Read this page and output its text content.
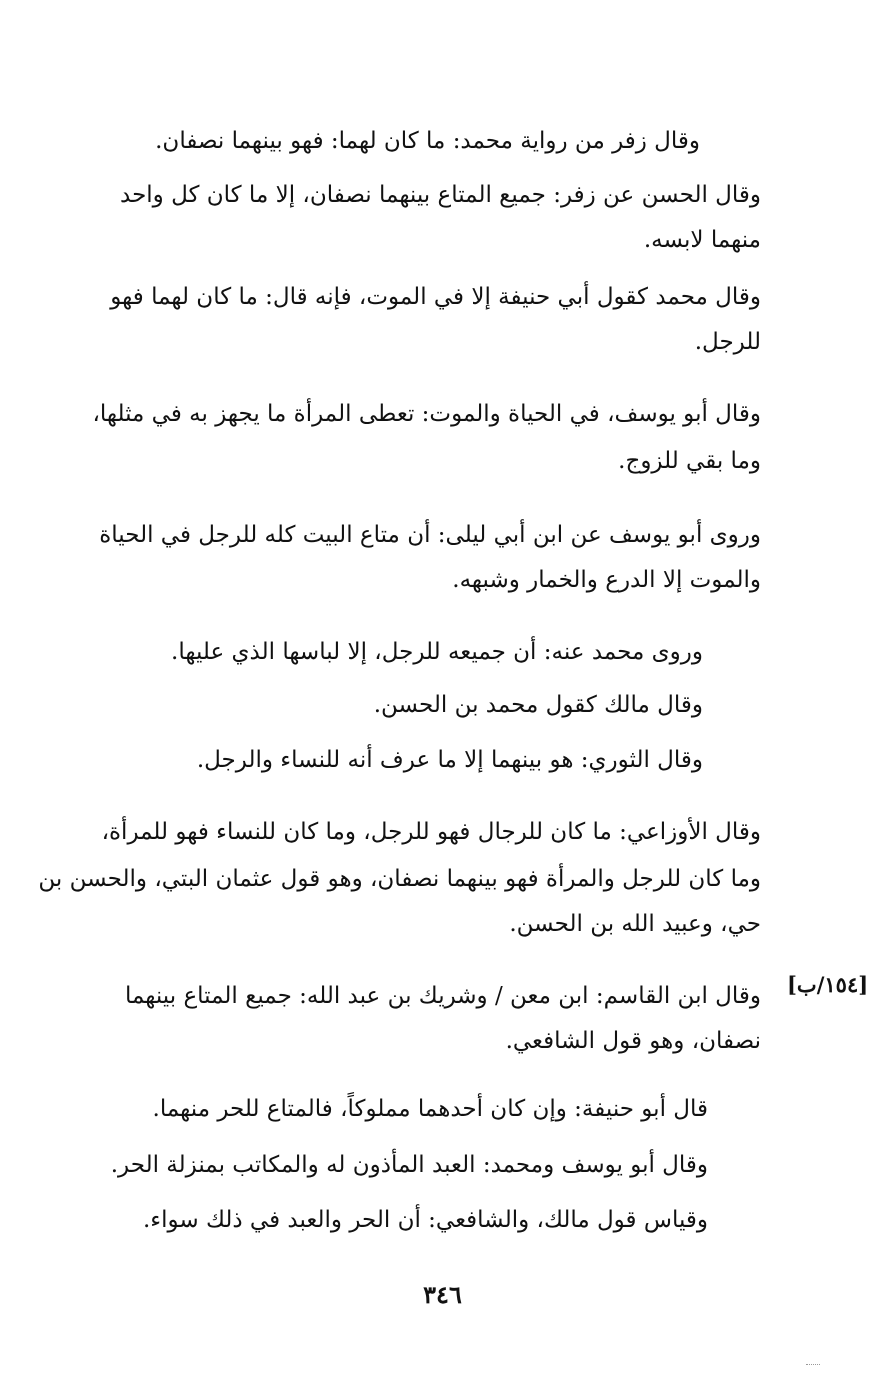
وقال زفر من رواية محمد: ما كان لهما: فهو بينهما نصفان.
وقال الحسن عن زفر: جميع المتاع بينهما نصفان، إلا ما كان كل واحد
منهما لابسه.
وقال محمد كقول أبي حنيفة إلا في الموت، فإنه قال: ما كان لهما فهو
للرجل.
وقال أبو يوسف، في الحياة والموت: تعطى المرأة ما يجهز به في مثلها،
وما بقي للزوج.
وروى أبو يوسف عن ابن أبي ليلى: أن متاع البيت كله للرجل في الحياة
والموت إلا الدرع والخمار وشبهه.
وروى محمد عنه: أن جميعه للرجل، إلا لباسها الذي عليها.
وقال مالك كقول محمد بن الحسن.
وقال الثوري: هو بينهما إلا ما عرف أنه للنساء والرجل.
وقال الأوزاعي: ما كان للرجال فهو للرجل، وما كان للنساء فهو للمرأة،
وما كان للرجل والمرأة فهو بينهما نصفان، وهو قول عثمان البتي، والحسن بن
حي، وعبيد الله بن الحسن.
[١٥٤/ب]
وقال ابن القاسم: ابن معن / وشريك بن عبد الله: جميع المتاع بينهما
نصفان، وهو قول الشافعي.
قال أبو حنيفة: وإن كان أحدهما مملوكاً، فالمتاع للحر منهما.
وقال أبو يوسف ومحمد: العبد المأذون له والمكاتب بمنزلة الحر.
وقياس قول مالك، والشافعي: أن الحر والعبد في ذلك سواء.
٣٤٦
